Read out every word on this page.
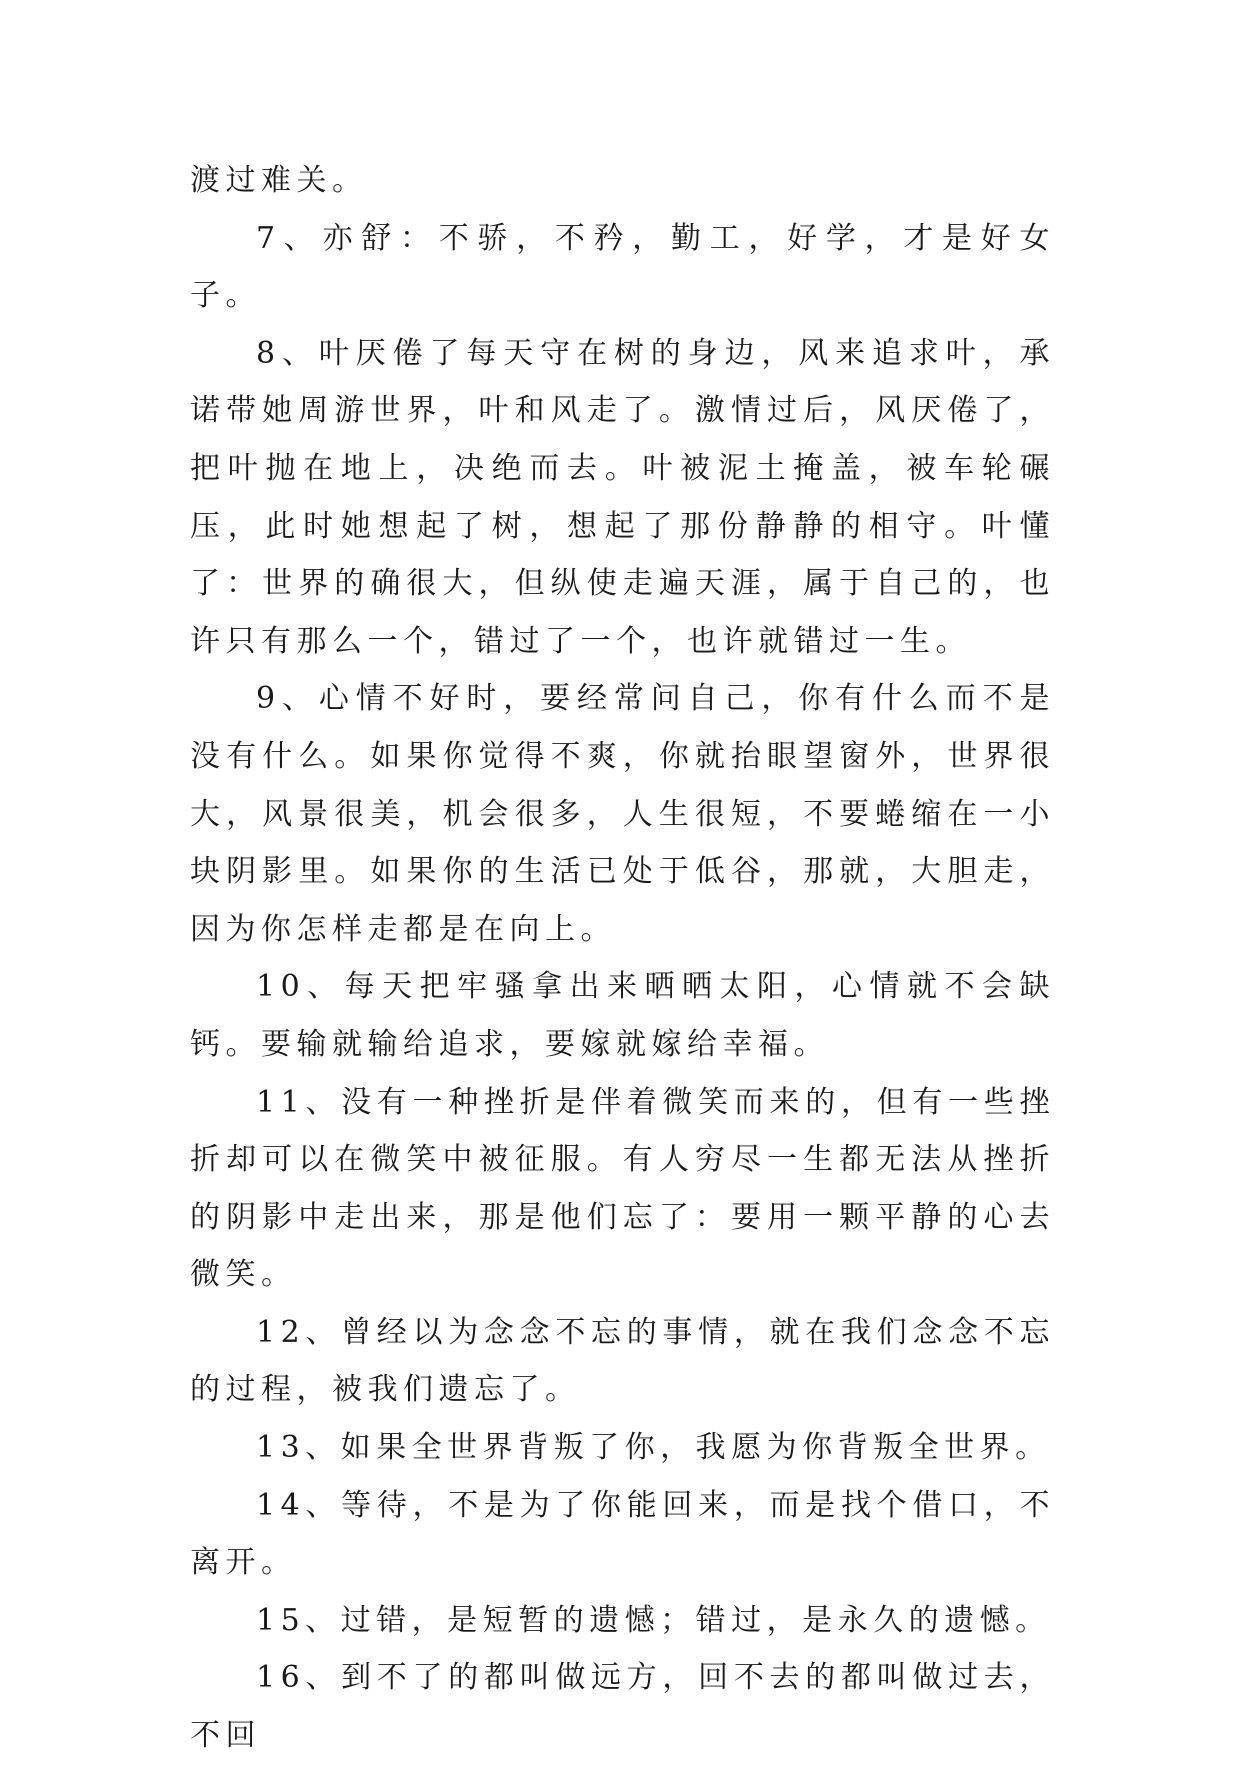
渡过难关。

7、亦舒：不骄，不矜，勤工，好学，才是好女子。

8、叶厌倦了每天守在树的身边，风来追求叶，承诺带她周游世界，叶和风走了。激情过后，风厌倦了，把叶抛在地上，决绝而去。叶被泥土掩盖，被车轮碾压，此时她想起了树，想起了那份静静的相守。叶懂了：世界的确很大，但纵使走遍天涯，属于自己的，也许只有那么一个，错过了一个，也许就错过一生。

9、心情不好时，要经常问自己，你有什么而不是没有什么。如果你觉得不爽，你就抬眼望窗外，世界很大，风景很美，机会很多，人生很短，不要蜷缩在一小块阴影里。如果你的生活已处于低谷，那就，大胆走，因为你怎样走都是在向上。

10、每天把牢骚拿出来晒晒太阳，心情就不会缺钙。要输就输给追求，要嫁就嫁给幸福。

11、没有一种挫折是伴着微笑而来的，但有一些挫折却可以在微笑中被征服。有人穷尽一生都无法从挫折的阴影中走出来，那是他们忘了：要用一颗平静的心去微笑。

12、曾经以为念念不忘的事情，就在我们念念不忘的过程，被我们遗忘了。

13、如果全世界背叛了你，我愿为你背叛全世界。

14、等待，不是为了你能回来，而是找个借口，不离开。

15、过错，是短暂的遗憾；错过，是永久的遗憾。

16、到不了的都叫做远方，回不去的都叫做过去，不回
